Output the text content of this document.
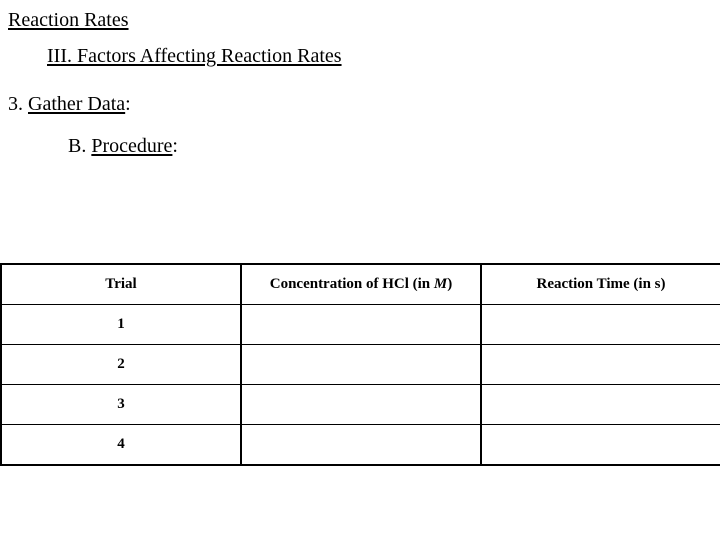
Reaction Rates
III. Factors Affecting Reaction Rates
3. Gather Data:
B. Procedure:
Trial	Concentration of HCl (in M)	Reaction Time (in s)
1		
2		
3		
4		
